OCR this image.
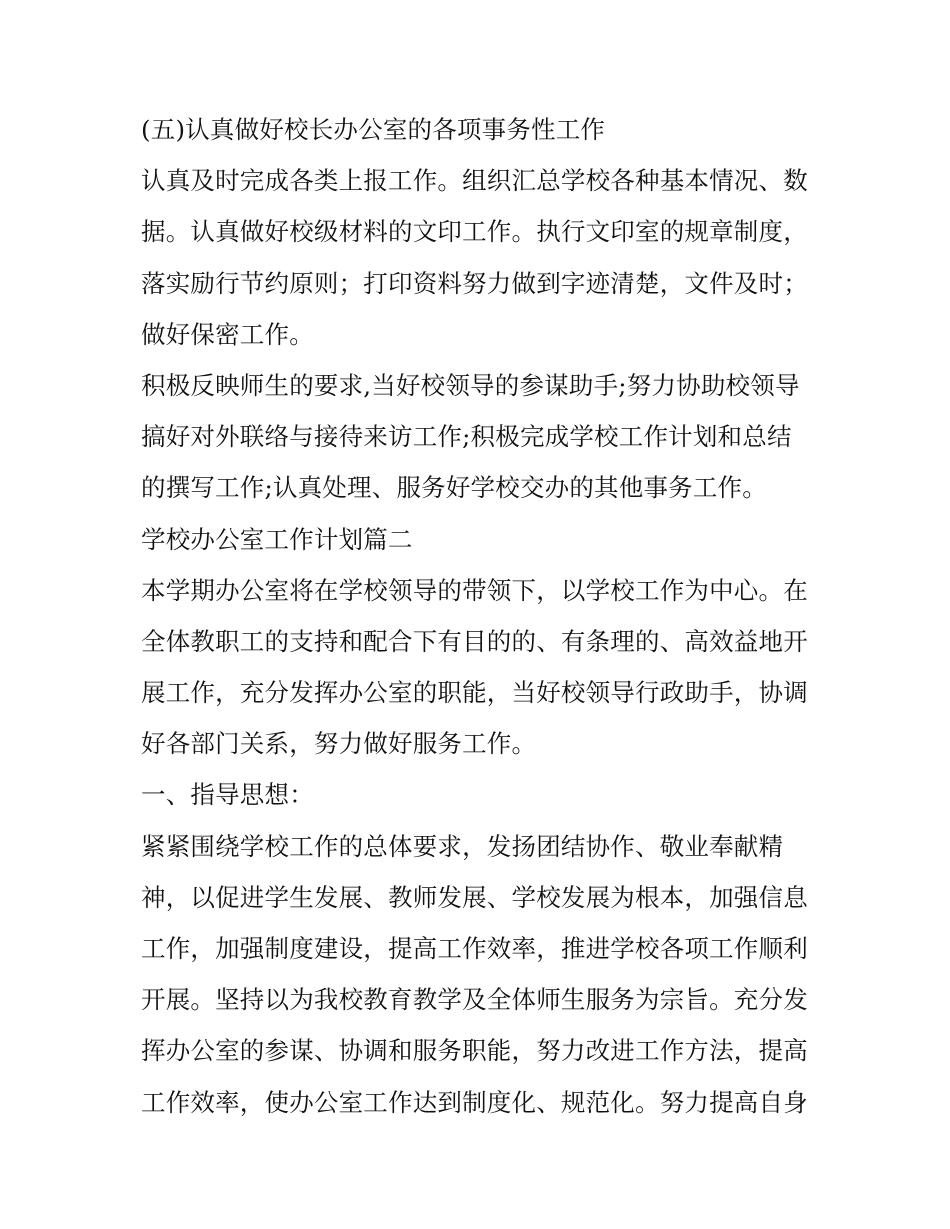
(五)认真做好校长办公室的各项事务性工作
认真及时完成各类上报工作。组织汇总学校各种基本情况、数
据。认真做好校级材料的文印工作。执行文印室的规章制度，
落实励行节约原则；打印资料努力做到字迹清楚，文件及时；
做好保密工作。
积极反映师生的要求,当好校领导的参谋助手;努力协助校领导
搞好对外联络与接待来访工作;积极完成学校工作计划和总结
的撰写工作;认真处理、服务好学校交办的其他事务工作。
学校办公室工作计划篇二
本学期办公室将在学校领导的带领下，以学校工作为中心。在
全体教职工的支持和配合下有目的的、有条理的、高效益地开
展工作，充分发挥办公室的职能，当好校领导行政助手，协调
好各部门关系，努力做好服务工作。
一、指导思想：
紧紧围绕学校工作的总体要求，发扬团结协作、敬业奉献精
神，以促进学生发展、教师发展、学校发展为根本，加强信息
工作，加强制度建设，提高工作效率，推进学校各项工作顺利
开展。坚持以为我校教育教学及全体师生服务为宗旨。充分发
挥办公室的参谋、协调和服务职能，努力改进工作方法，提高
工作效率，使办公室工作达到制度化、规范化。努力提高自身
